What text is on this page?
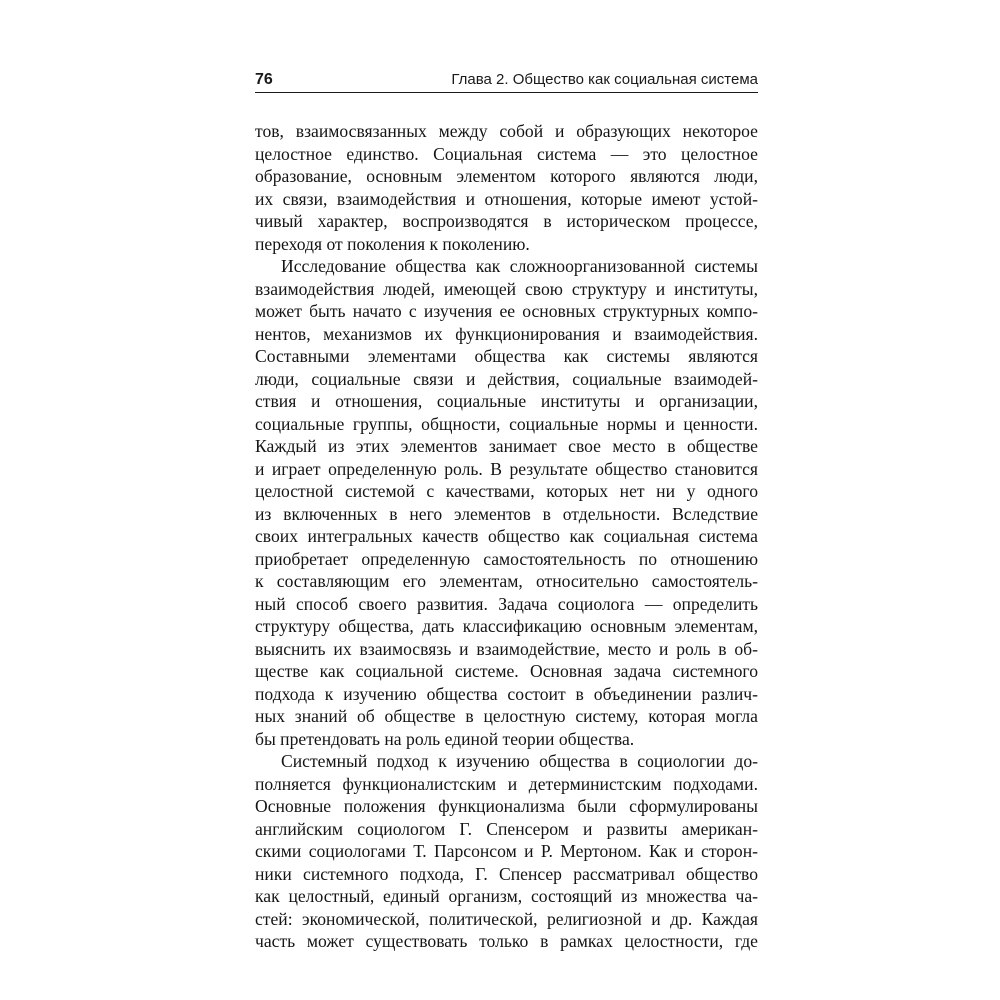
76	Глава 2. Общество как социальная система
тов, взаимосвязанных между собой и образующих некоторое
целостное единство. Социальная система — это целостное
образование, основным элементом которого являются люди,
их связи, взаимодействия и отношения, которые имеют устой-
чивый характер, воспроизводятся в историческом процессе,
переходя от поколения к поколению.
Исследование общества как сложноорганизованной системы
взаимодействия людей, имеющей свою структуру и институты,
может быть начато с изучения ее основных структурных компо-
нентов, механизмов их функционирования и взаимодействия.
Составными элементами общества как системы являются
люди, социальные связи и действия, социальные взаимодей-
ствия и отношения, социальные институты и организации,
социальные группы, общности, социальные нормы и ценности.
Каждый из этих элементов занимает свое место в обществе
и играет определенную роль. В результате общество становится
целостной системой с качествами, которых нет ни у одного
из включенных в него элементов в отдельности. Вследствие
своих интегральных качеств общество как социальная система
приобретает определенную самостоятельность по отношению
к составляющим его элементам, относительно самостоятель-
ный способ своего развития. Задача социолога — определить
структуру общества, дать классификацию основным элементам,
выяснить их взаимосвязь и взаимодействие, место и роль в об-
ществе как социальной системе. Основная задача системного
подхода к изучению общества состоит в объединении различ-
ных знаний об обществе в целостную систему, которая могла
бы претендовать на роль единой теории общества.
Системный подход к изучению общества в социологии до-
полняется функционалистским и детерминистским подходами.
Основные положения функционализма были сформулированы
английским социологом Г. Спенсером и развиты американ-
скими социологами Т. Парсонсом и Р. Мертоном. Как и сторон-
ники системного подхода, Г. Спенсер рассматривал общество
как целостный, единый организм, состоящий из множества ча-
стей: экономической, политической, религиозной и др. Каждая
часть может существовать только в рамках целостности, где
